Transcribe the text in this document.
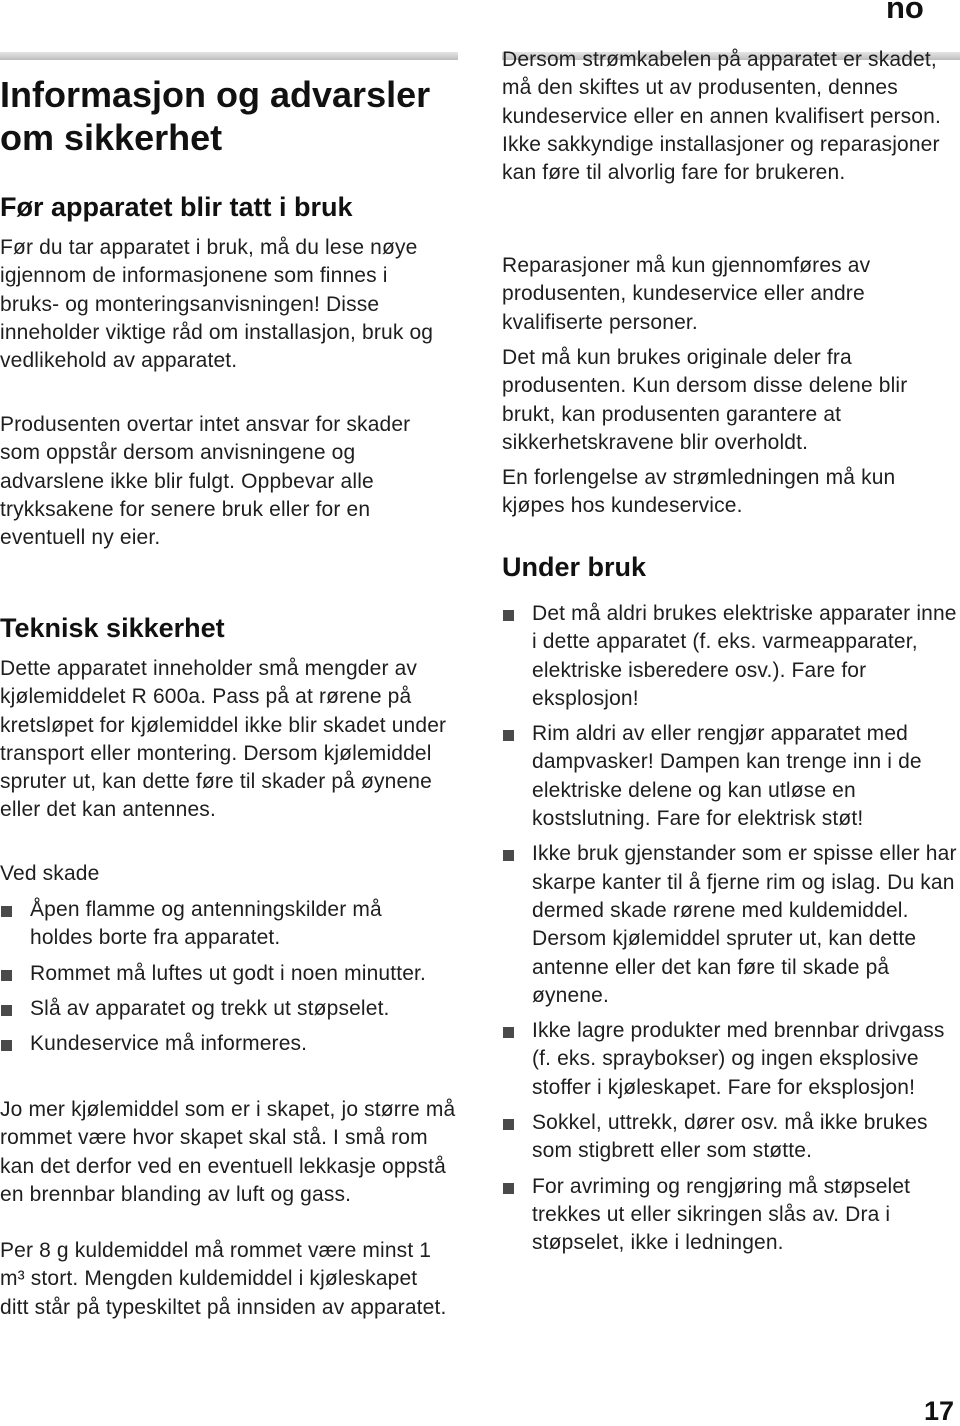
no
Informasjon og advarsler om sikkerhet
Før apparatet blir tatt i bruk

Før du tar apparatet i bruk, må du lese nøye igjennom de informasjonene som finnes i bruks- og monteringsanvisningen! Disse inneholder viktige råd om installasjon, bruk og vedlikehold av apparatet.

Produsenten overtar intet ansvar for skader som oppstår dersom anvisningene og advarslene ikke blir fulgt. Oppbevar alle trykksakene for senere bruk eller for en eventuell ny eier.

Teknisk sikkerhet

Dette apparatet inneholder små mengder av kjølemiddelet R 600a. Pass på at rørene på kretsløpet for kjølemiddel ikke blir skadet under transport eller montering. Dersom kjølemiddel spruter ut, kan dette føre til skader på øynene eller det kan antennes.

Ved skade

Åpen flamme og antenningskilder må holdes borte fra apparatet.
Rommet må luftes ut godt i noen minutter.
Slå av apparatet og trekk ut støpselet.
Kundeservice må informeres.

Jo mer kjølemiddel som er i skapet, jo større må rommet være hvor skapet skal stå. I små rom kan det derfor ved en eventuell lekkasje oppstå en brennbar blanding av luft og gass.

Per 8 g kuldemiddel må rommet være minst 1 m³ stort. Mengden kuldemiddel i kjøleskapet ditt står på typeskiltet på innsiden av apparatet.

Dersom strømkabelen på apparatet er skadet, må den skiftes ut av produsenten, dennes kundeservice eller en annen kvalifisert person. Ikke sakkyndige installasjoner og reparasjoner kan føre til alvorlig fare for brukeren.

Reparasjoner må kun gjennomføres av produsenten, kundeservice eller andre kvalifiserte personer.

Det må kun brukes originale deler fra produsenten. Kun dersom disse delene blir brukt, kan produsenten garantere at sikkerhetskravene blir overholdt.

En forlengelse av strømledningen må kun kjøpes hos kundeservice.

Under bruk
Det må aldri brukes elektriske apparater inne i dette apparatet (f. eks. varmeapparater, elektriske isberedere osv.). Fare for eksplosjon!
Rim aldri av eller rengjør apparatet med dampvasker! Dampen kan trenge inn i de elektriske delene og kan utløse en kostslutning. Fare for elektrisk støt!
Ikke bruk gjenstander som er spisse eller har skarpe kanter til å fjerne rim og islag. Du kan dermed skade rørene med kuldemiddel. Dersom kjølemiddel spruter ut, kan dette antenne eller det kan føre til skade på øynene.
Ikke lagre produkter med brennbar drivgass (f. eks. spraybokser) og ingen eksplosive stoffer i kjøleskapet. Fare for eksplosjon!
Sokkel, uttrekk, dører osv. må ikke brukes som stigbrett eller som støtte.
For avriming og rengjøring må støpselet trekkes ut eller sikringen slås av. Dra i støpselet, ikke i ledningen.
17
